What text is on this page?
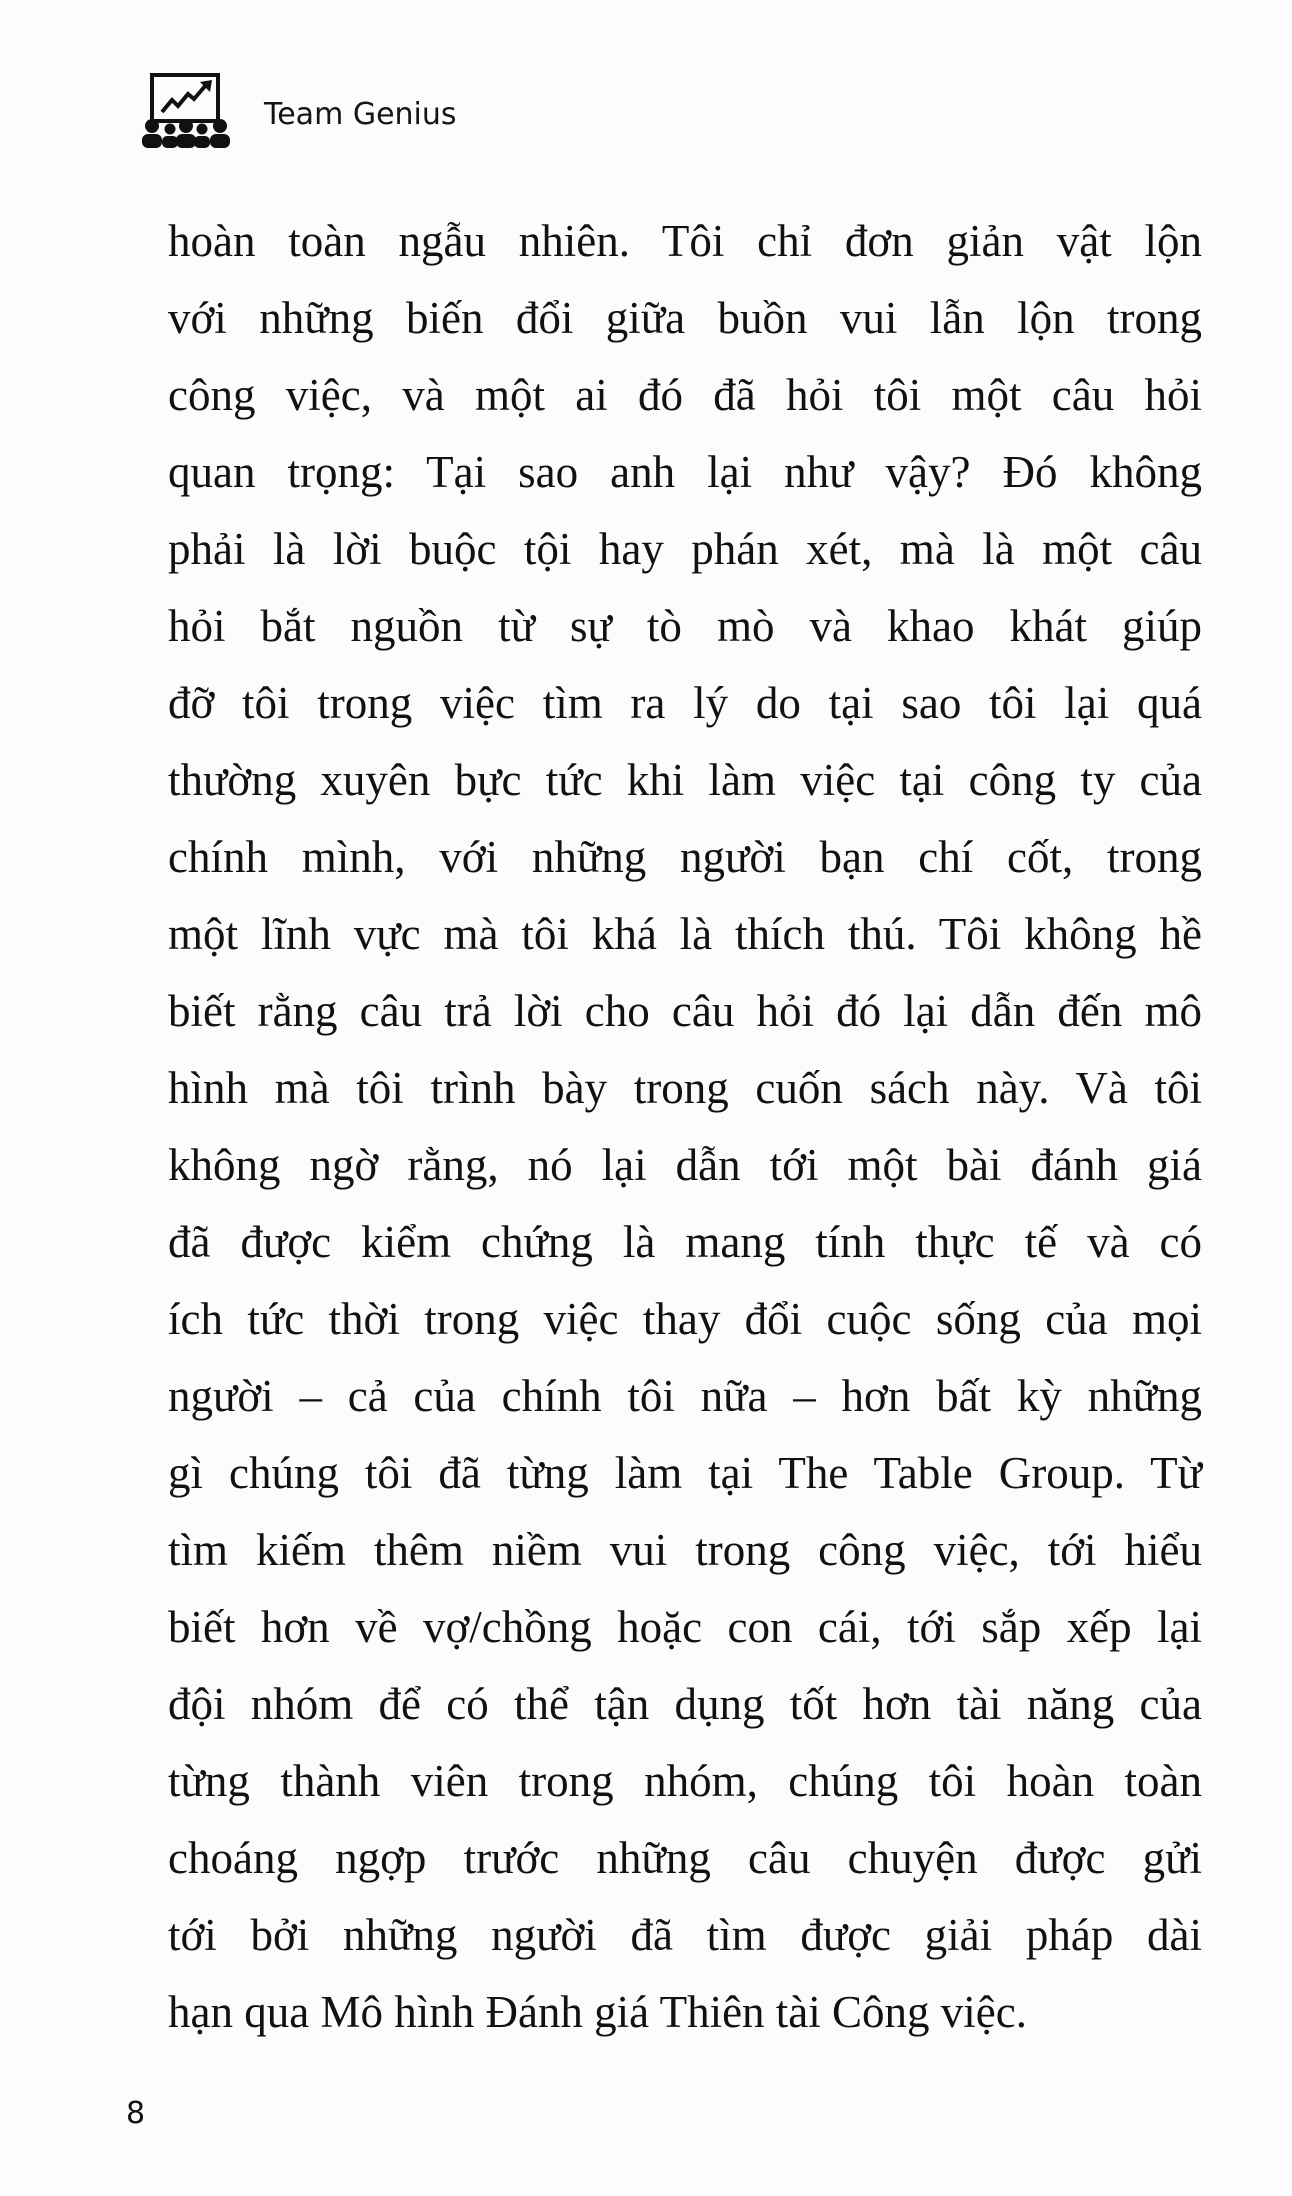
Team Genius
hoàn toàn ngẫu nhiên. Tôi chỉ đơn giản vật lộn
với những biến đổi giữa buồn vui lẫn lộn trong
công việc, và một ai đó đã hỏi tôi một câu hỏi
quan trọng: Tại sao anh lại như vậy? Đó không
phải là lời buộc tội hay phán xét, mà là một câu
hỏi bắt nguồn từ sự tò mò và khao khát giúp
đỡ tôi trong việc tìm ra lý do tại sao tôi lại quá
thường xuyên bực tức khi làm việc tại công ty của
chính mình, với những người bạn chí cốt, trong
một lĩnh vực mà tôi khá là thích thú. Tôi không hề
biết rằng câu trả lời cho câu hỏi đó lại dẫn đến mô
hình mà tôi trình bày trong cuốn sách này. Và tôi
không ngờ rằng, nó lại dẫn tới một bài đánh giá
đã được kiểm chứng là mang tính thực tế và có
ích tức thời trong việc thay đổi cuộc sống của mọi
người – cả của chính tôi nữa – hơn bất kỳ những
gì chúng tôi đã từng làm tại The Table Group. Từ
tìm kiếm thêm niềm vui trong công việc, tới hiểu
biết hơn về vợ/chồng hoặc con cái, tới sắp xếp lại
đội nhóm để có thể tận dụng tốt hơn tài năng của
từng thành viên trong nhóm, chúng tôi hoàn toàn
choáng ngợp trước những câu chuyện được gửi
tới bởi những người đã tìm được giải pháp dài
hạn qua Mô hình Đánh giá Thiên tài Công việc.
8
